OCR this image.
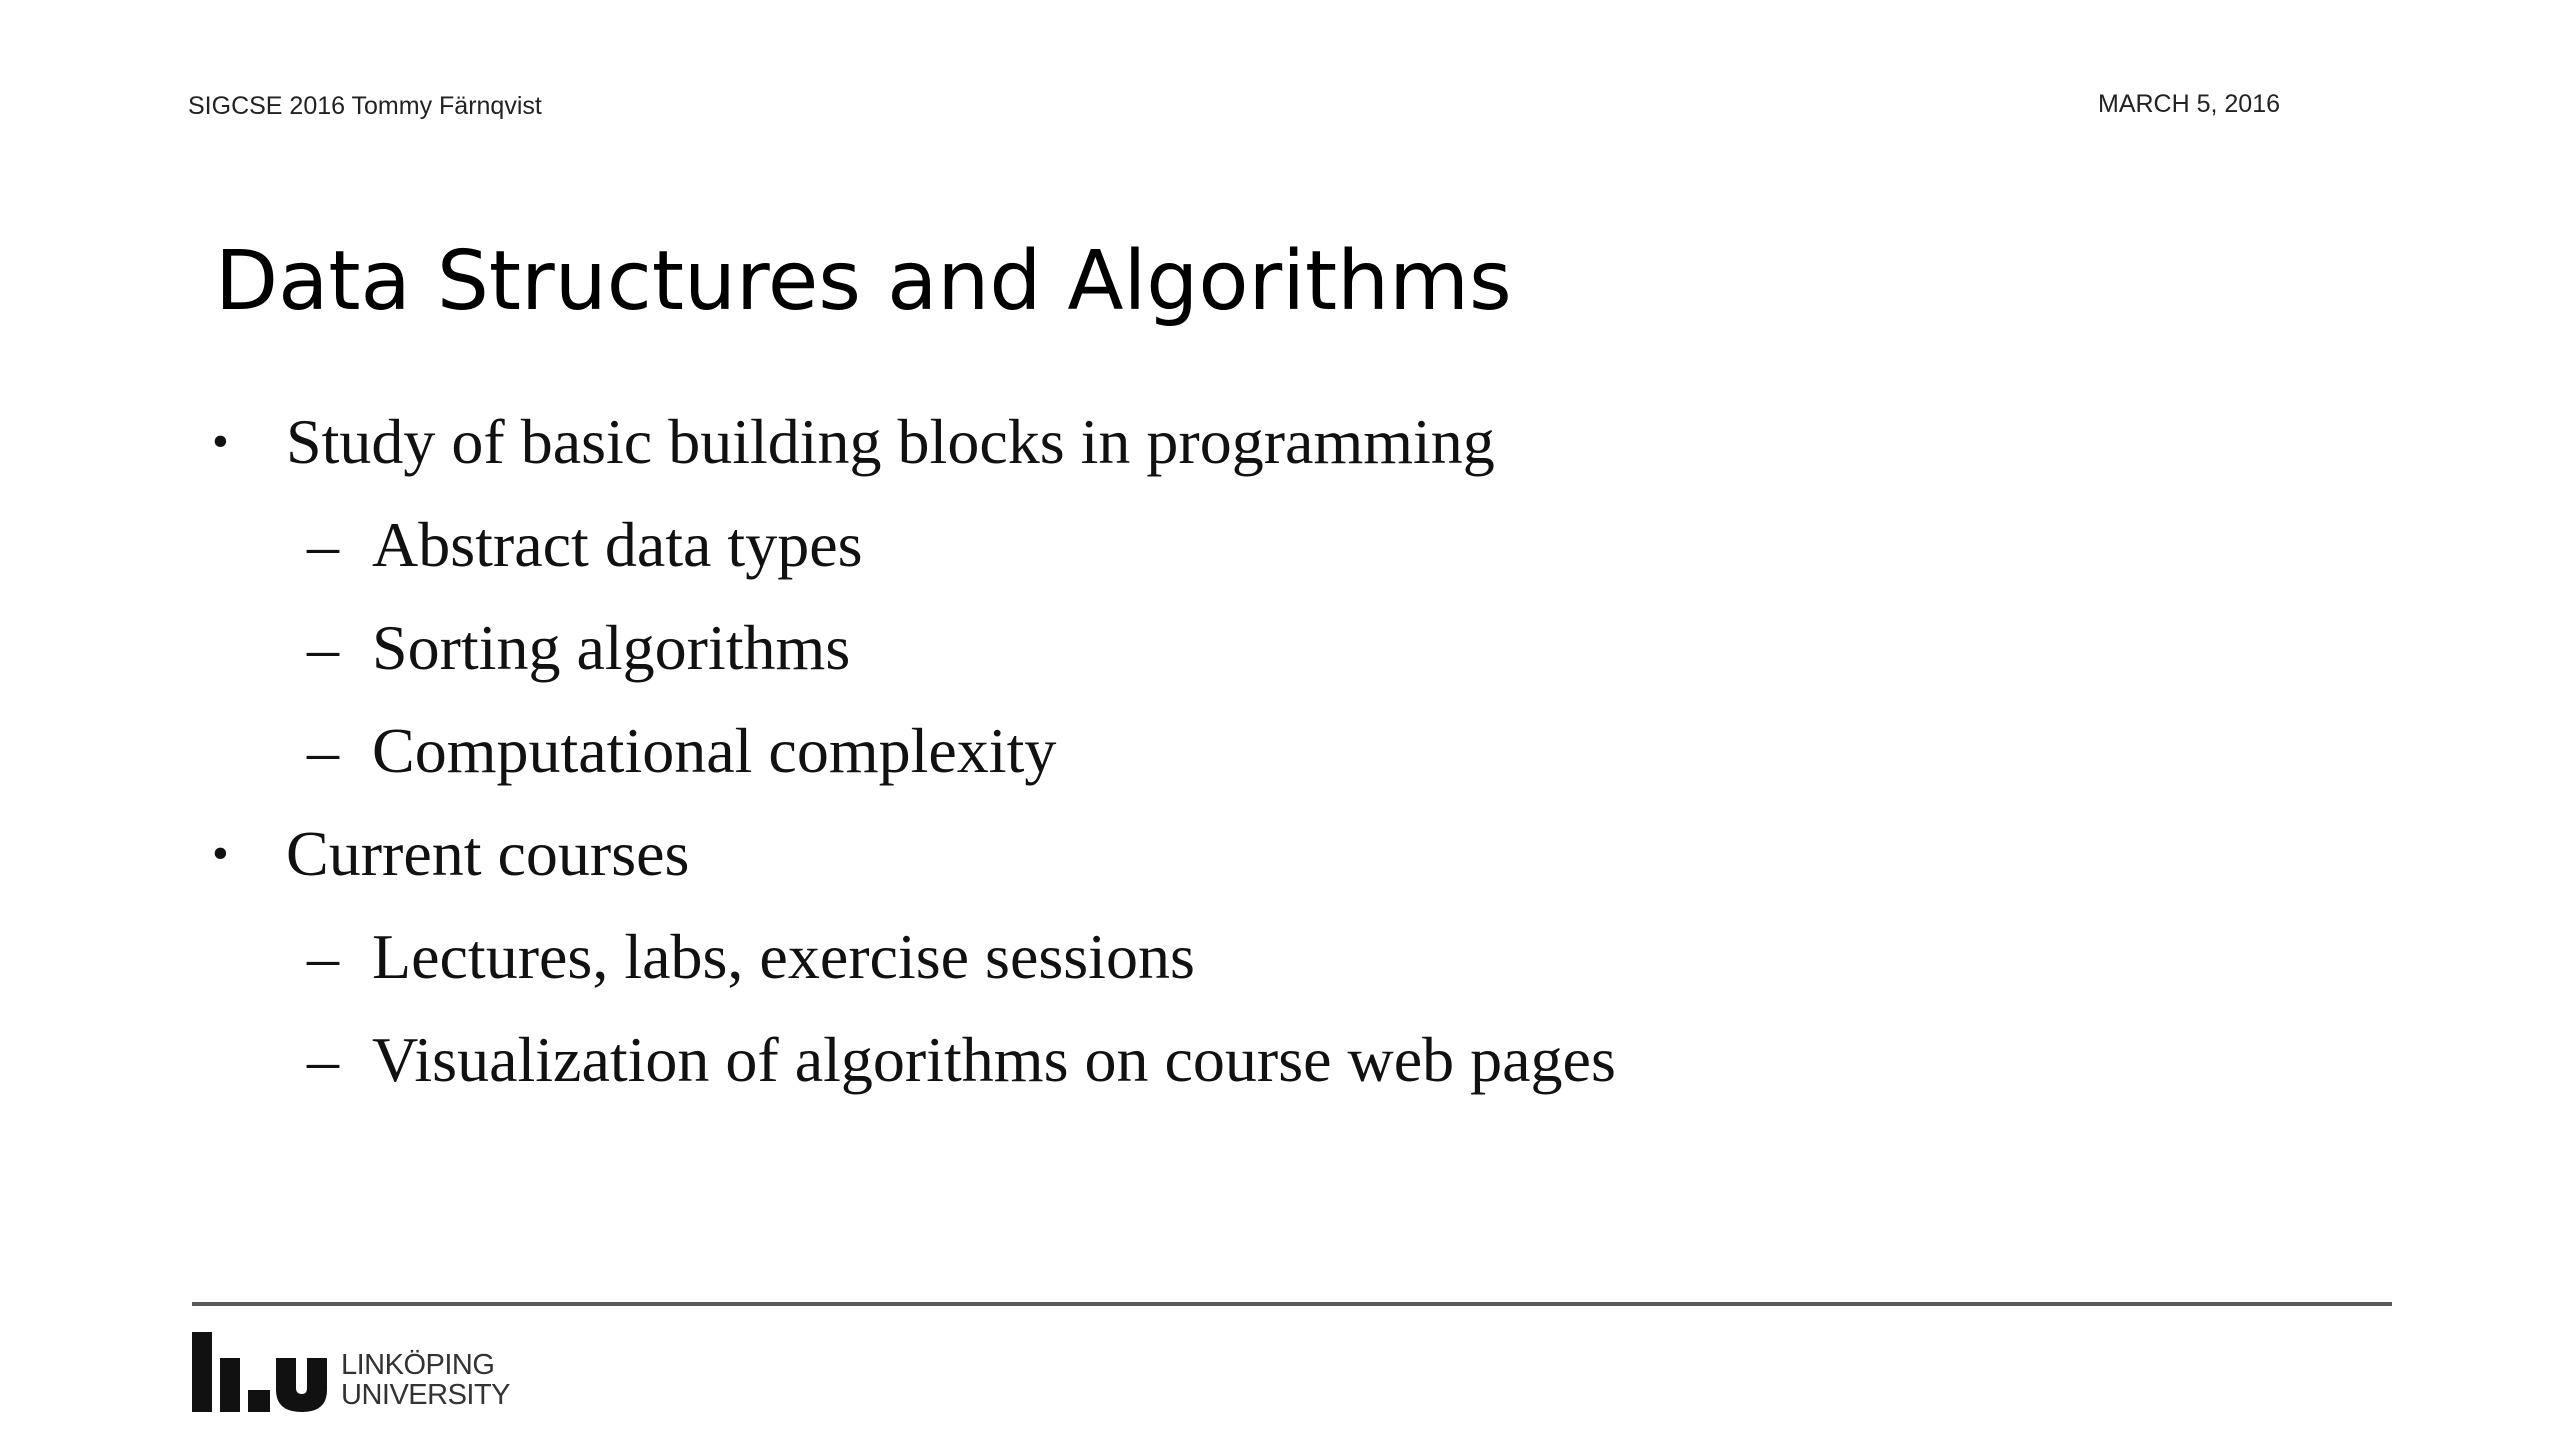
SIGCSE 2016 Tommy Färnqvist	MARCH 5, 2016
Data Structures and Algorithms
• Study of basic building blocks in programming
– Abstract data types
– Sorting algorithms
– Computational complexity
• Current courses
– Lectures, labs, exercise sessions
– Visualization of algorithms on course web pages
LINKÖPING
UNIVERSITY
